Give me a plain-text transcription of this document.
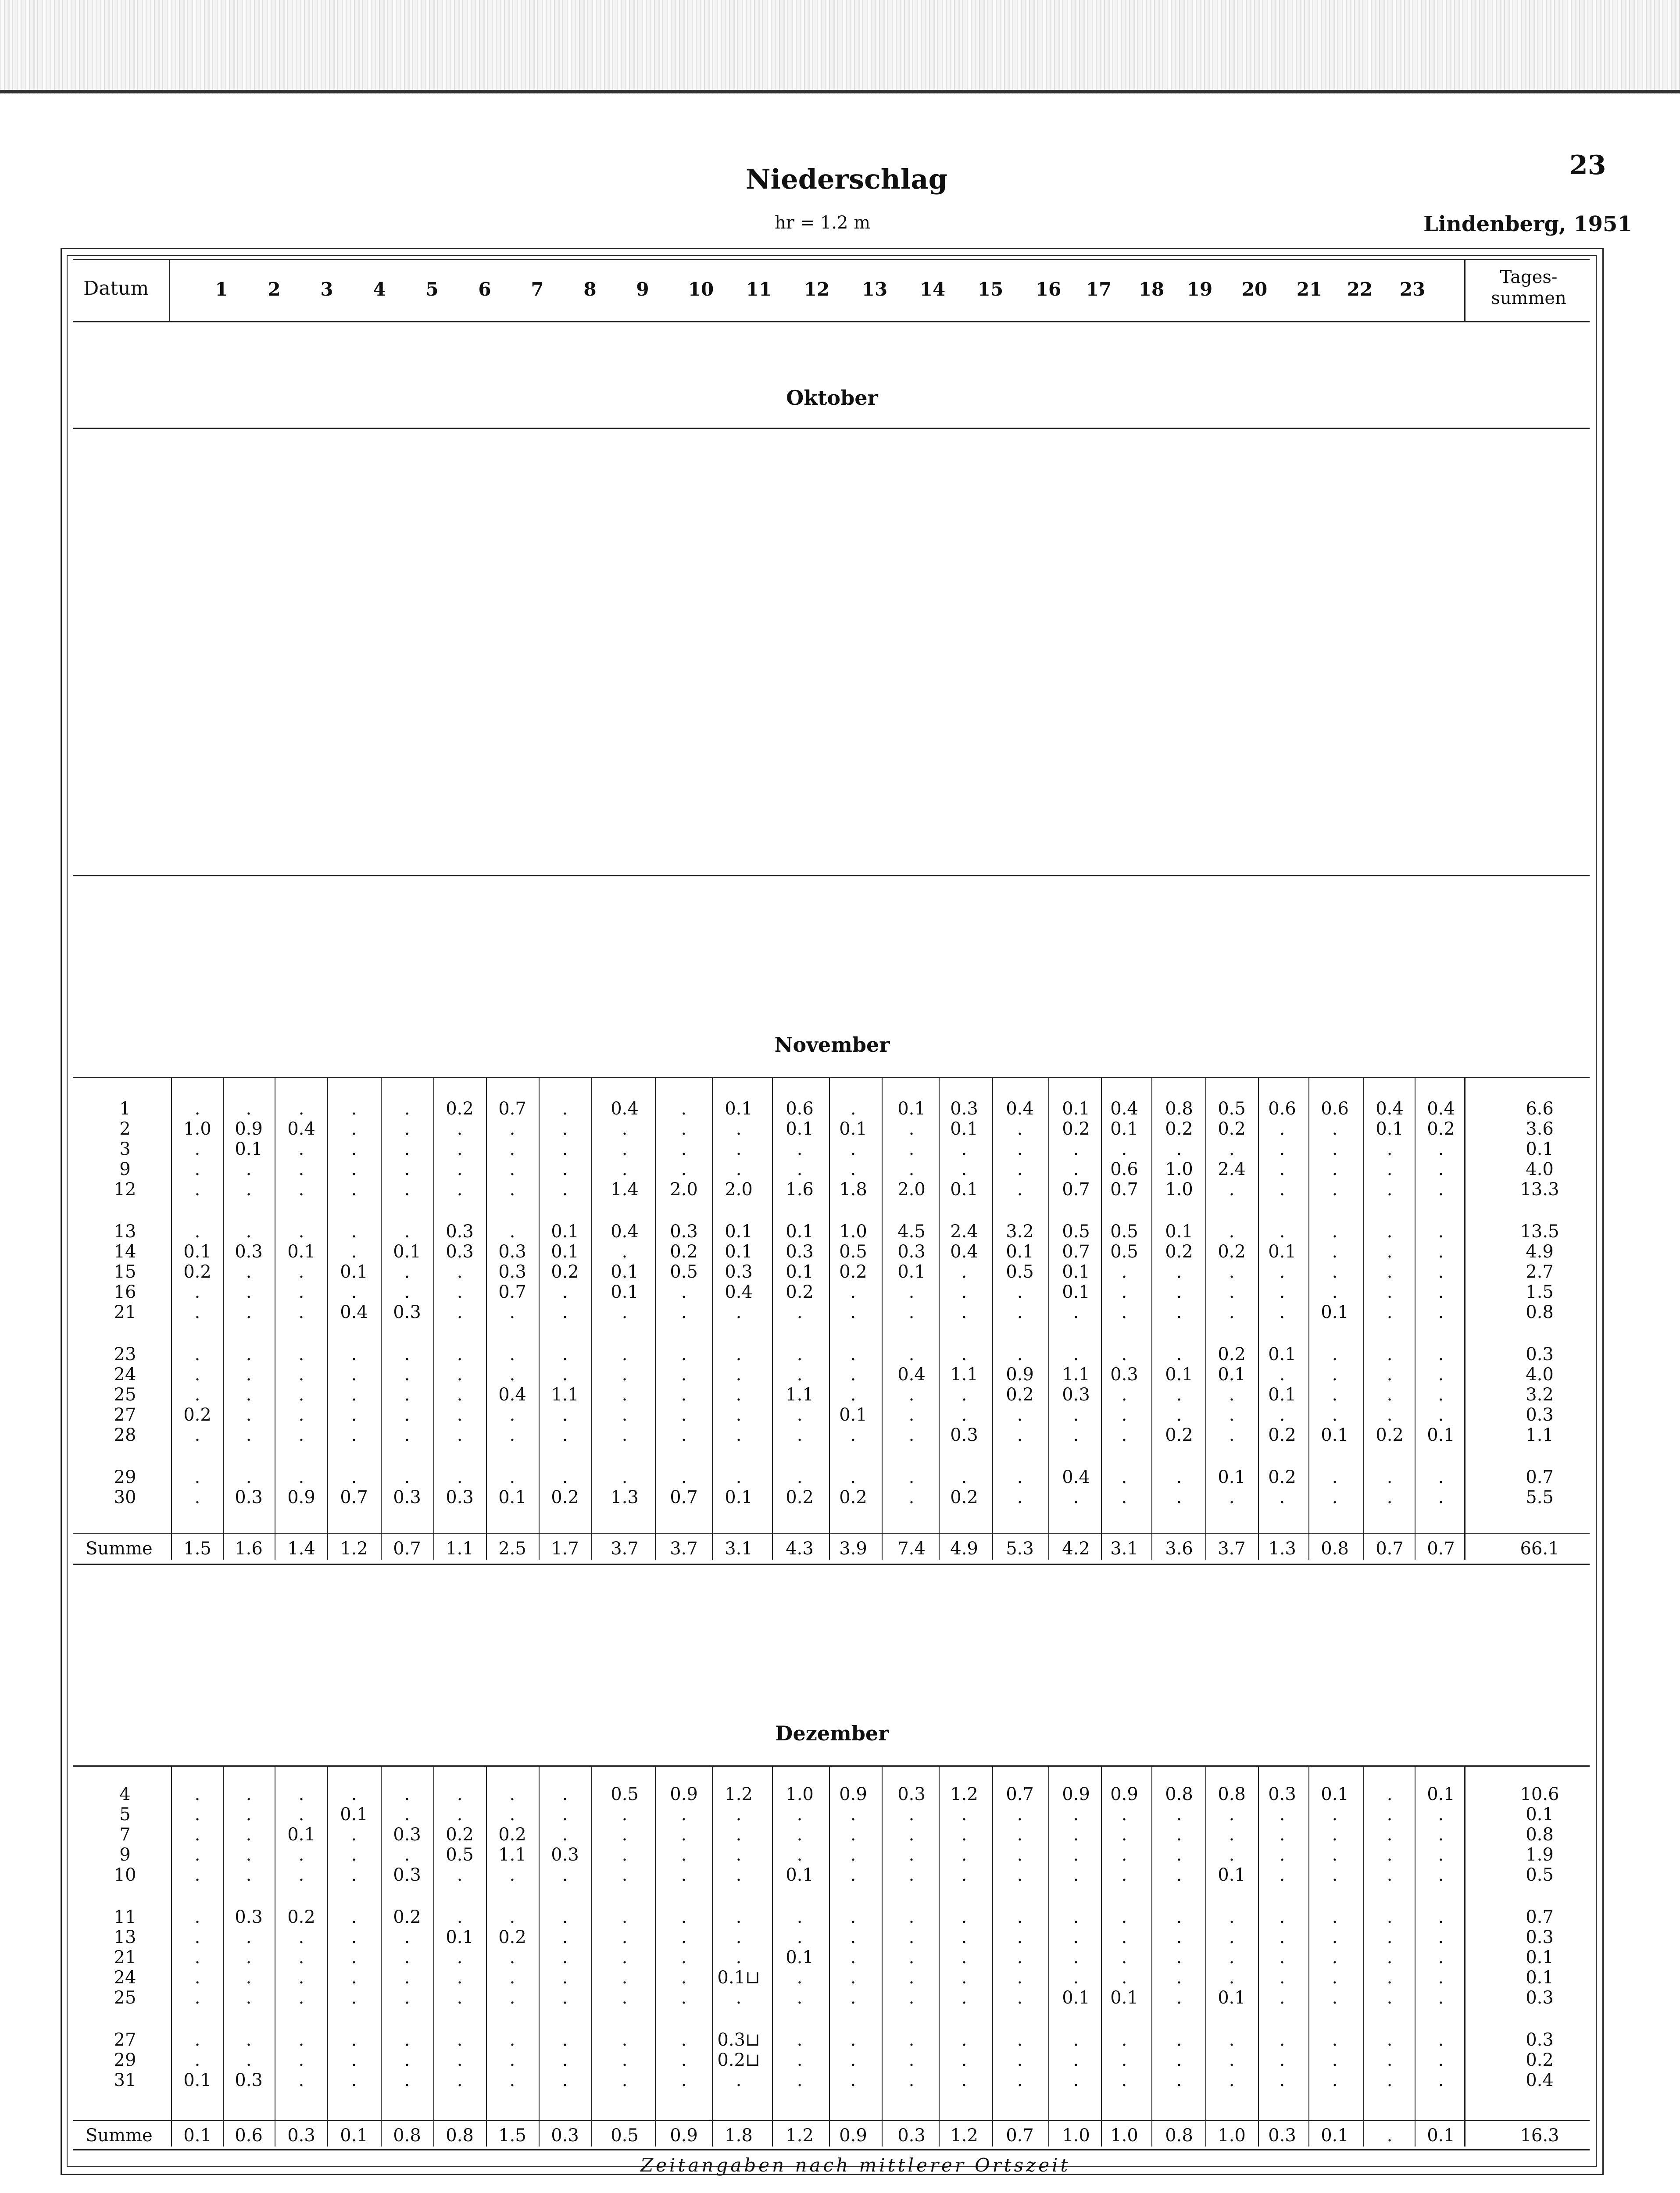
Niederschlag	23
hr = 1.2 m	Lindenberg, 1951
Datum	Tages- summen
1	2	3	4	5	6	7	8	9	10	11	12	13	14	15	16	17	18	19	20	21	22	23
Oktober
November
1	.	.	.	.	.	0.2	0.7	.	0.4	.	0.1	0.6	.	0.1	0.3	0.4	0.1	0.4	0.8	0.5	0.6	0.6	0.4	0.4	6.6
2	1.0	0.9	0.4	.	.	.	.	.	.	.	.	0.1	0.1	.	0.1	.	0.2	0.1	0.2	0.2	.	.	0.1	0.2	3.6
3	.	0.1	.	.	.	.	.	.	.	.	.	.	.	.	.	.	.	.	.	.	.	.	.	.	0.1
9	.	.	.	.	.	.	.	.	.	.	.	.	.	.	.	.	.	0.6	1.0	2.4	.	.	.	.	4.0
12	.	.	.	.	.	.	.	.	1.4	2.0	2.0	1.6	1.8	2.0	0.1	.	0.7	0.7	1.0	.	.	.	.	.	13.3
13	.	.	.	.	.	0.3	.	0.1	0.4	0.3	0.1	0.1	1.0	4.5	2.4	3.2	0.5	0.5	0.1	.	.	.	.	.	13.5
14	0.1	0.3	0.1	.	0.1	0.3	0.3	0.1	.	0.2	0.1	0.3	0.5	0.3	0.4	0.1	0.7	0.5	0.2	0.2	0.1	.	.	.	4.9
15	0.2	.	.	0.1	.	.	0.3	0.2	0.1	0.5	0.3	0.1	0.2	0.1	.	0.5	0.1	.	.	.	.	.	.	.	2.7
16	.	.	.	.	.	.	0.7	.	0.1	.	0.4	0.2	.	.	.	.	0.1	.	.	.	.	.	.	.	1.5
21	.	.	.	0.4	0.3	.	.	.	.	.	.	.	.	.	.	.	.	.	.	.	.	0.1	.	.	0.8
23	.	.	.	.	.	.	.	.	.	.	.	.	.	.	.	.	.	.	.	0.2	0.1	.	.	.	0.3
24	.	.	.	.	.	.	.	.	.	.	.	.	.	0.4	1.1	0.9	1.1	0.3	0.1	0.1	.	.	.	.	4.0
25	.	.	.	.	.	.	0.4	1.1	.	.	.	1.1	.	.	.	0.2	0.3	.	.	.	0.1	.	.	.	3.2
27	0.2	.	.	.	.	.	.	.	.	.	.	.	0.1	.	.	.	.	.	.	.	.	.	.	.	0.3
28	.	.	.	.	.	.	.	.	.	.	.	.	.	.	0.3	.	.	.	0.2	.	0.2	0.1	0.2	0.1	1.1
29	.	.	.	.	.	.	.	.	.	.	.	.	.	.	.	.	0.4	.	.	0.1	0.2	.	.	.	0.7
30	.	0.3	0.9	0.7	0.3	0.3	0.1	0.2	1.3	0.7	0.1	0.2	0.2	.	0.2	.	.	.	.	.	.	.	.	.	5.5
Summe	1.5	1.6	1.4	1.2	0.7	1.1	2.5	1.7	3.7	3.7	3.1	4.3	3.9	7.4	4.9	5.3	4.2	3.1	3.6	3.7	1.3	0.8	0.7	0.7	66.1
Dezember
4	.	.	.	.	.	.	.	.	0.5	0.9	1.2	1.0	0.9	0.3	1.2	0.7	0.9	0.9	0.8	0.8	0.3	0.1	.	0.1	10.6
5	.	.	.	0.1	.	.	.	.	.	.	.	.	.	.	.	.	.	.	.	.	.	.	.	.	0.1
7	.	.	0.1	.	0.3	0.2	0.2	.	.	.	.	.	.	.	.	.	.	.	.	.	.	.	.	.	0.8
9	.	.	.	.	.	0.5	1.1	0.3	.	.	.	.	.	.	.	.	.	.	.	.	.	.	.	.	1.9
10	.	.	.	.	0.3	.	.	.	.	.	.	0.1	.	.	.	.	.	.	.	0.1	.	.	.	.	0.5
11	.	0.3	0.2	.	0.2	.	.	.	.	.	.	.	.	.	.	.	.	.	.	.	.	.	.	.	0.7
13	.	.	.	.	.	0.1	0.2	.	.	.	.	.	.	.	.	.	.	.	.	.	.	.	.	.	0.3
21	.	.	.	.	.	.	.	.	.	.	.	0.1	.	.	.	.	.	.	.	.	.	.	.	.	0.1
24	.	.	.	.	.	.	.	.	.	.	0.1⊔	.	.	.	.	.	.	.	.	.	.	.	.	.	0.1
25	.	.	.	.	.	.	.	.	.	.	.	.	.	.	.	.	0.1	0.1	.	0.1	.	.	.	.	0.3
27	.	.	.	.	.	.	.	.	.	.	0.3⊔	.	.	.	.	.	.	.	.	.	.	.	.	.	0.3
29	.	.	.	.	.	.	.	.	.	.	0.2⊔	.	.	.	.	.	.	.	.	.	.	.	.	.	0.2
31	0.1	0.3	.	.	.	.	.	.	.	.	.	.	.	.	.	.	.	.	.	.	.	.	.	.	0.4
Summe	0.1	0.6	0.3	0.1	0.8	0.8	1.5	0.3	0.5	0.9	1.8	1.2	0.9	0.3	1.2	0.7	1.0	1.0	0.8	1.0	0.3	0.1	.	0.1	16.3
Zeitangaben nach mittlerer Ortszeit
